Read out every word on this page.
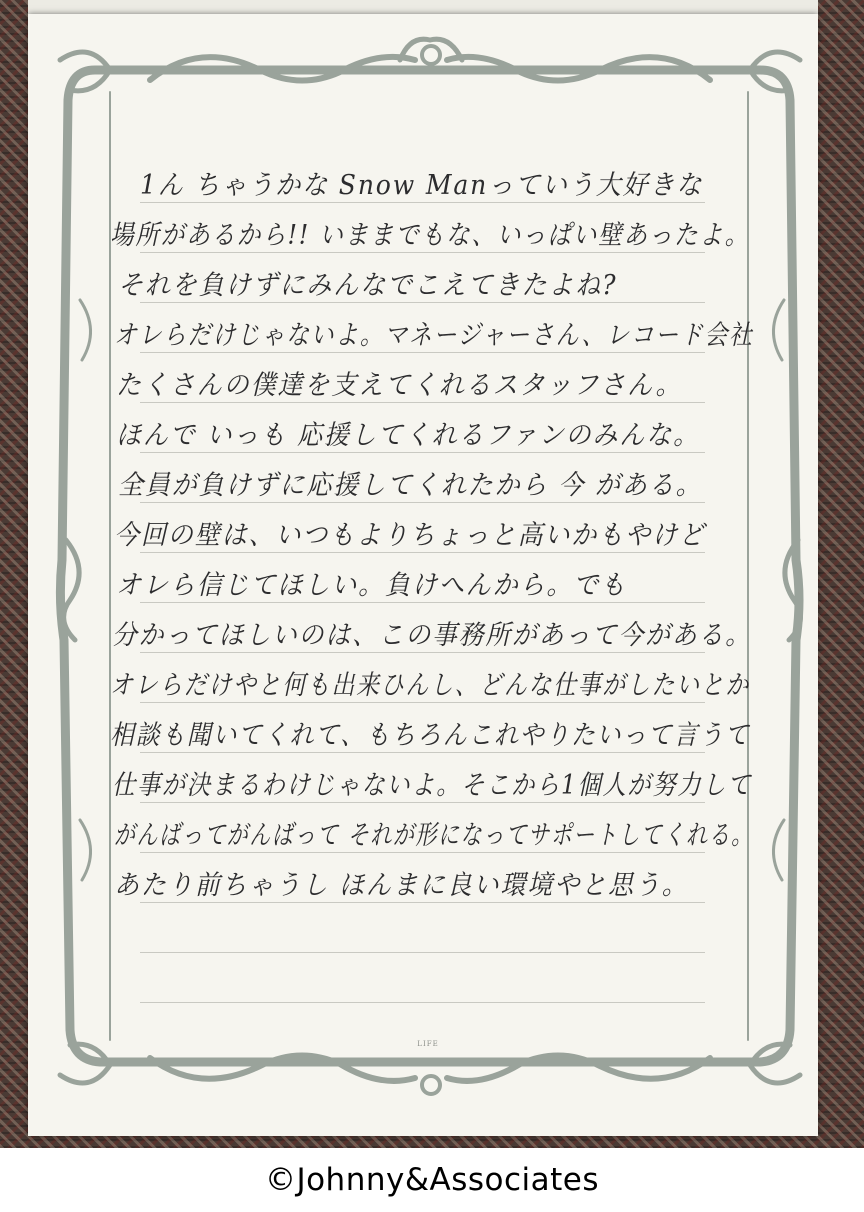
1ん ちゃうかな Snow Manっていう大好きな
場所があるから!! いままでもな、いっぱい壁あったよ。
それを負けずにみんなでこえてきたよね?
オレらだけじゃないよ。マネージャーさん、レコード会社
たくさんの僕達を支えてくれるスタッフさん。
ほんで いっも 応援してくれるファンのみんな。
全員が負けずに応援してくれたから 今 がある。
今回の壁は、いつもよりちょっと高いかもやけど
オレら信じてほしい。負けへんから。でも
分かってほしいのは、この事務所があって今がある。
オレらだけやと何も出来ひんし、どんな仕事がしたいとか
相談も聞いてくれて、もちろんこれやりたいって言うて
仕事が決まるわけじゃないよ。そこから1個人が努力して
がんばってがんばって それが形になってサポートしてくれる。
あたり前ちゃうし ほんまに良い環境やと思う。
LIFE
©Johnny&Associates
